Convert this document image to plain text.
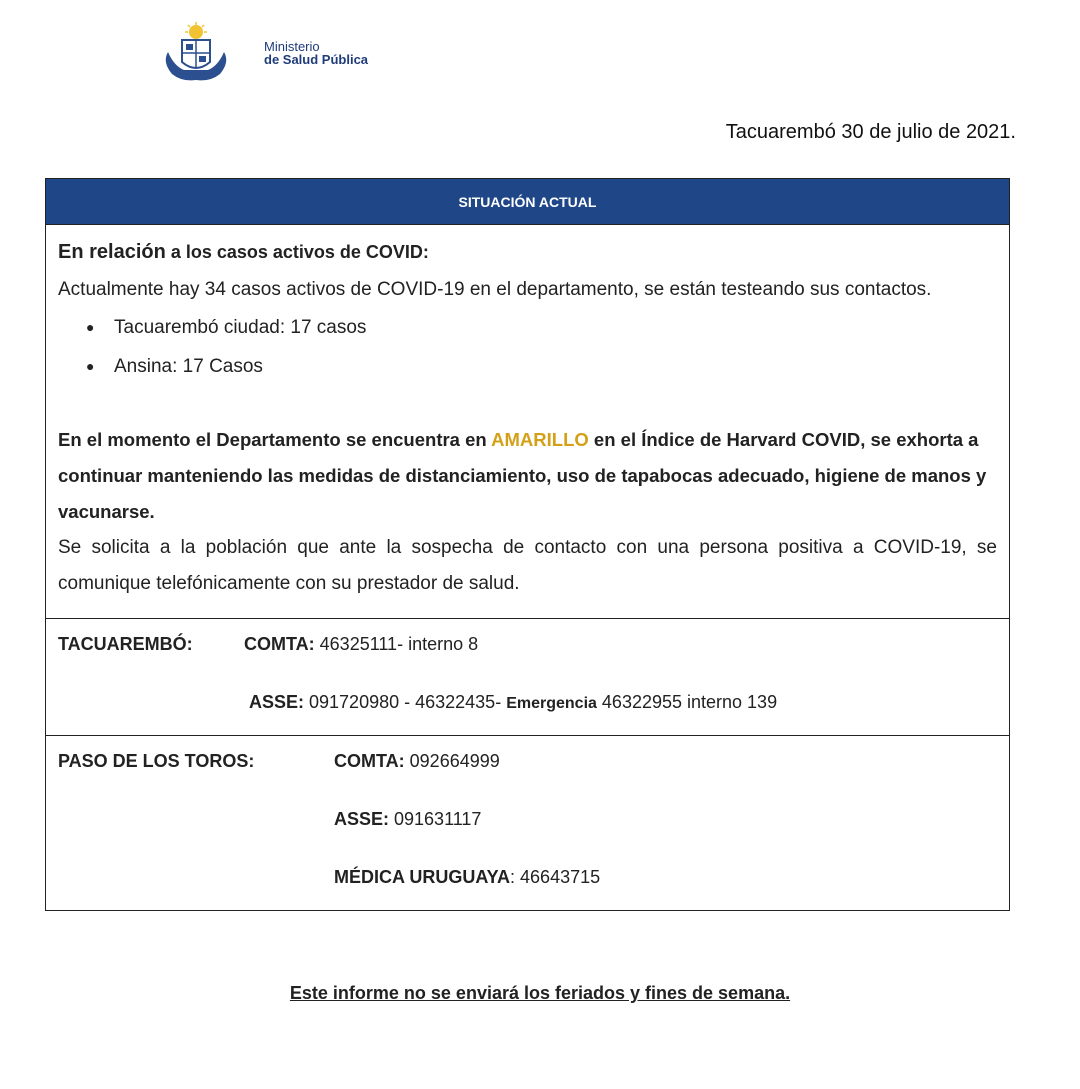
Ministerio
de Salud Pública
Tacuarembó 30 de julio de 2021.
SITUACIÓN ACTUAL
En relación a los casos activos de COVID:

Actualmente hay 34 casos activos de COVID-19 en el departamento, se están testeando sus contactos.

● Tacuarembó ciudad: 17 casos
● Ansina: 17 Casos

En el momento el Departamento se encuentra en AMARILLO en el Índice de Harvard COVID, se exhorta a continuar manteniendo las medidas de distanciamiento, uso de tapabocas adecuado, higiene de manos y vacunarse.

Se solicita a la población que ante la sospecha de contacto con una persona positiva a COVID-19, se comunique telefónicamente con su prestador de salud.

TACUAREMBÓ:	COMTA: 46325111- interno 8
ASSE: 091720980 - 46322435- Emergencia 46322955 interno 139
PASO DE LOS TOROS:	COMTA: 092664999
ASSE: 091631117
MÉDICA URUGUAYA: 46643715
Este informe no se enviará los feriados y fines de semana.
